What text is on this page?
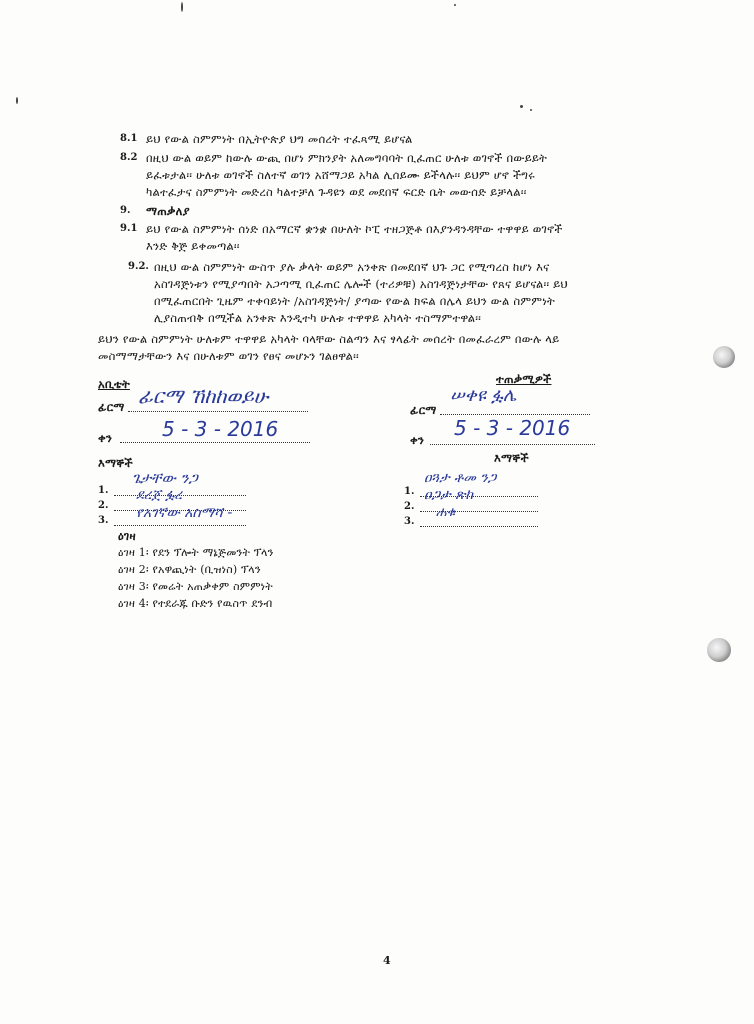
8.1 ይህ የውል ስምምነት በኢትዮጵያ ህግ መሰረት ተፈጻሚ ይሆናል
8.2 በዚህ ውል ወይም ከውሉ ውጪ በሆነ ምክንያት አለመግባባት ቢፈጠር ሁለቱ ወገኖች በውይይት
ይፈቱታል፡፡ ሁለቱ ወገኖች ስለተኛ ወገን አሸማጋይ አካል ሊሰይሙ ይችላሉ፡፡ ይህም ሆኖ ችግሩ
ካልተፈታና ስምምነት መድረስ ካልተቻለ ጉዳዩን ወደ መደበኛ ፍርድ ቤት መውሰድ ይቻላል፡፡
9. ማጠቃለያ
9.1 ይህ የውል ስምምነት ሰነድ በአማርኛ ቋንቋ በሁለት ኮፒ ተዘጋጅቶ በእያንዳንዳቸው ተዋዋይ ወገኖች
እንድ ቅጅ ይቀመጣል፡፡
9.2. በዚህ ውል ስምምነት ውስጥ ያሉ ቃላት ወይም አንቀጽ በመደበኛ ህጉ ጋር የሚጣረስ ከሆነ እና
አስገዳጅነቱን የሚያጣበት አጋጣሚ ቢፈጠር ሌሎች (ተሪዎቹ) አስገዳጅነታቸው የጸና ይሆናል፡፡ ይህ
በሚፈጠርበት ጊዜም ተቀባይነት /አስገዳጅነት/ ያጣው የውል ክፍል በሌላ ይህን ውል ስምምነት
ሊያስጠብቅ በሚችል አንቀጽ እንዲተካ ሁለቱ ተዋዋይ አካላት ተስማምተዋል፡፡
ይህን የውል ስምምነት ሁለቱም ተዋዋይ አካላት ባላቸው ስልጣን እና ፃላፊት መሰረት በመፈራረም በውሉ ላይ
መስማማታቸውን እና በሁለቱም ወገን የፀና መሆኑን ገልፀዋል፡፡
አቢቴት
ፊርማ ፊርማ ኸከከወይሁ
ቀን 5 - 3 - 2016
ተጠቃሚዎች
ፊርማ
ሠቀዩ ፏሌ
ቀን 5 - 3 - 2016
እማኞች
1.
2.
3.
ጌታቸው ንጋ
ደረጀ ፏረ
የአገኛው አስማሻ -
እማኞች
1.
2.
3.
ዐጓታ ቶመ ንጋ
ዐጋታ ጽከ
ሐቁ
ዕገዛ
ዕገዛ 1፡ የደን ፕሎት ማኔጅመንት ፕላን
ዕገዛ 2፡ የአዋጪነት (ቢዝነስ) ፕላን
ዕገዛ 3፡ የመሬት አጠቃቀም ስምምነት
ዕገዛ 4፡ የተደራጁ ቡድን የዉስጥ ደንብ
4
